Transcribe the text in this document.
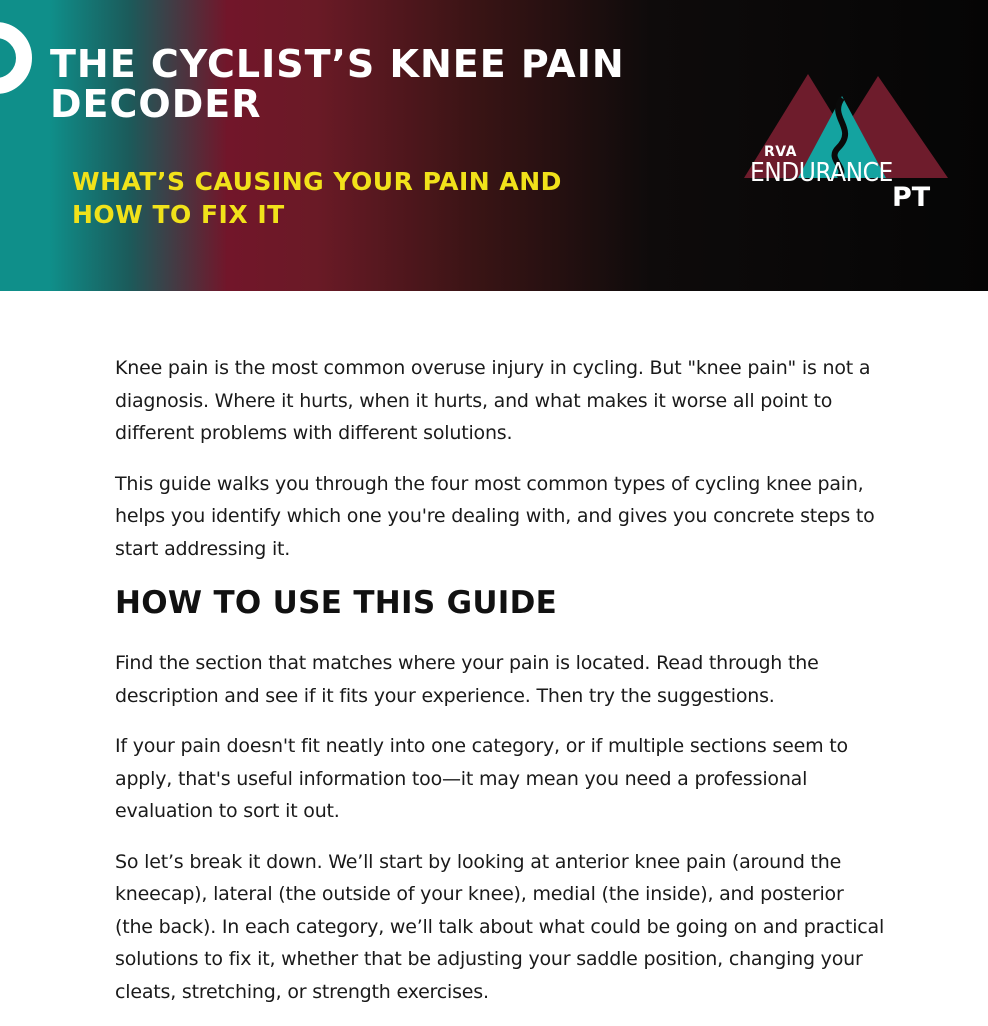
THE CYCLIST’S KNEE PAIN DECODER
WHAT’S CAUSING YOUR PAIN AND HOW TO FIX IT
RVA
ENDURANCE
PT

Knee pain is the most common overuse injury in cycling. But "knee pain" is not a diagnosis. Where it hurts, when it hurts, and what makes it worse all point to different problems with different solutions.

This guide walks you through the four most common types of cycling knee pain, helps you identify which one you're dealing with, and gives you concrete steps to start addressing it.

HOW TO USE THIS GUIDE

Find the section that matches where your pain is located. Read through the description and see if it fits your experience. Then try the suggestions.

If your pain doesn't fit neatly into one category, or if multiple sections seem to apply, that's useful information too—it may mean you need a professional evaluation to sort it out.

So let’s break it down. We’ll start by looking at anterior knee pain (around the kneecap), lateral (the outside of your knee), medial (the inside), and posterior (the back). In each category, we’ll talk about what could be going on and practical solutions to fix it, whether that be adjusting your saddle position, changing your cleats, stretching, or strength exercises.
